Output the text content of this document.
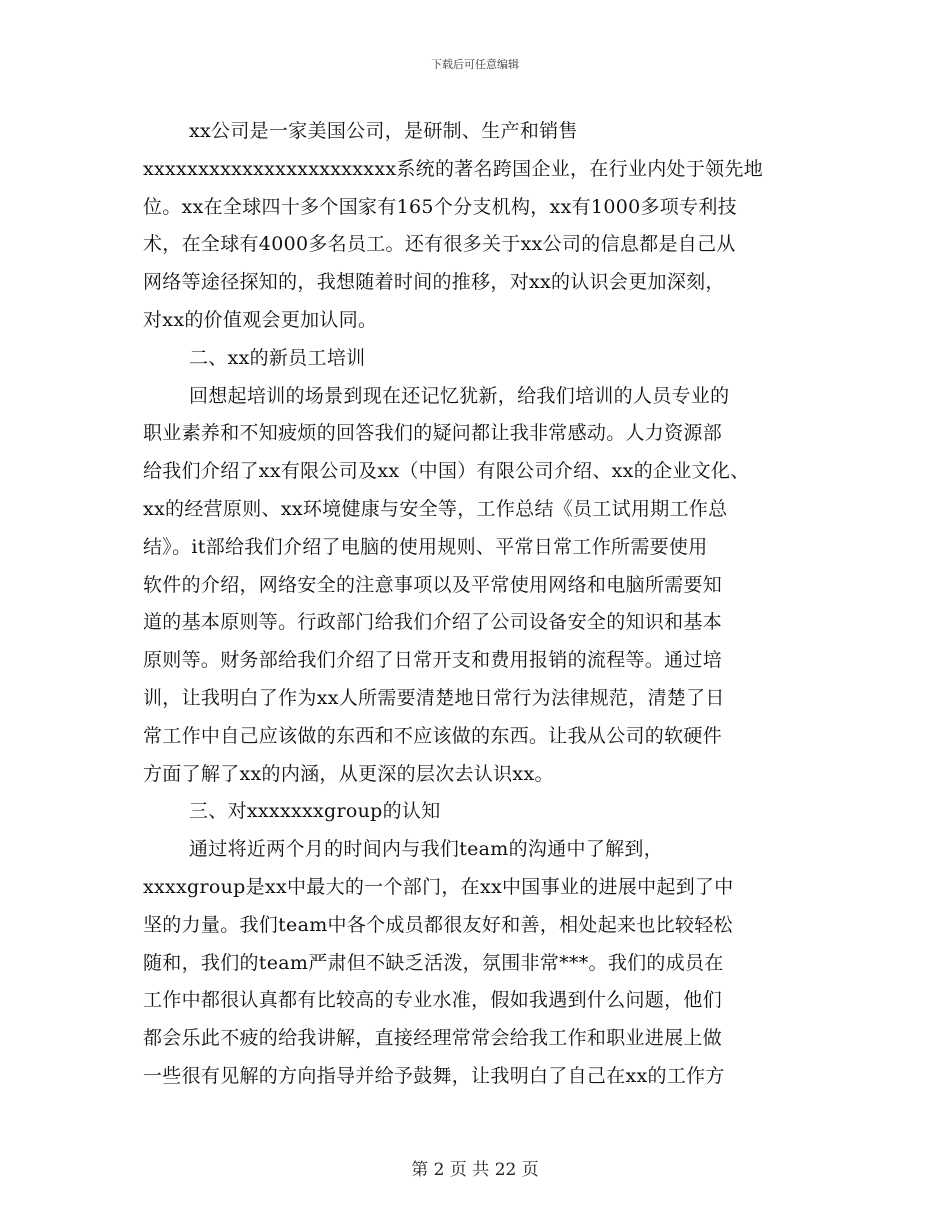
下载后可任意编辑
xx公司是一家美国公司，是研制、生产和销售
xxxxxxxxxxxxxxxxxxxxxxx系统的著名跨国企业，在行业内处于领先地
位。xx在全球四十多个国家有165个分支机构，xx有1000多项专利技
术，在全球有4000多名员工。还有很多关于xx公司的信息都是自己从
网络等途径探知的，我想随着时间的推移，对xx的认识会更加深刻，
对xx的价值观会更加认同。
二、xx的新员工培训
回想起培训的场景到现在还记忆犹新，给我们培训的人员专业的
职业素养和不知疲烦的回答我们的疑问都让我非常感动。人力资源部
给我们介绍了xx有限公司及xx（中国）有限公司介绍、xx的企业文化、
xx的经营原则、xx环境健康与安全等，工作总结《员工试用期工作总
结》。it部给我们介绍了电脑的使用规则、平常日常工作所需要使用
软件的介绍，网络安全的注意事项以及平常使用网络和电脑所需要知
道的基本原则等。行政部门给我们介绍了公司设备安全的知识和基本
原则等。财务部给我们介绍了日常开支和费用报销的流程等。通过培
训，让我明白了作为xx人所需要清楚地日常行为法律规范，清楚了日
常工作中自己应该做的东西和不应该做的东西。让我从公司的软硬件
方面了解了xx的内涵，从更深的层次去认识xx。
三、对xxxxxxxgroup的认知
通过将近两个月的时间内与我们team的沟通中了解到，
xxxxgroup是xx中最大的一个部门，在xx中国事业的进展中起到了中
坚的力量。我们team中各个成员都很友好和善，相处起来也比较轻松
随和，我们的team严肃但不缺乏活泼，氛围非常***。我们的成员在
工作中都很认真都有比较高的专业水准，假如我遇到什么问题，他们
都会乐此不疲的给我讲解，直接经理常常会给我工作和职业进展上做
一些很有见解的方向指导并给予鼓舞，让我明白了自己在xx的工作方
第 2 页 共 22 页
